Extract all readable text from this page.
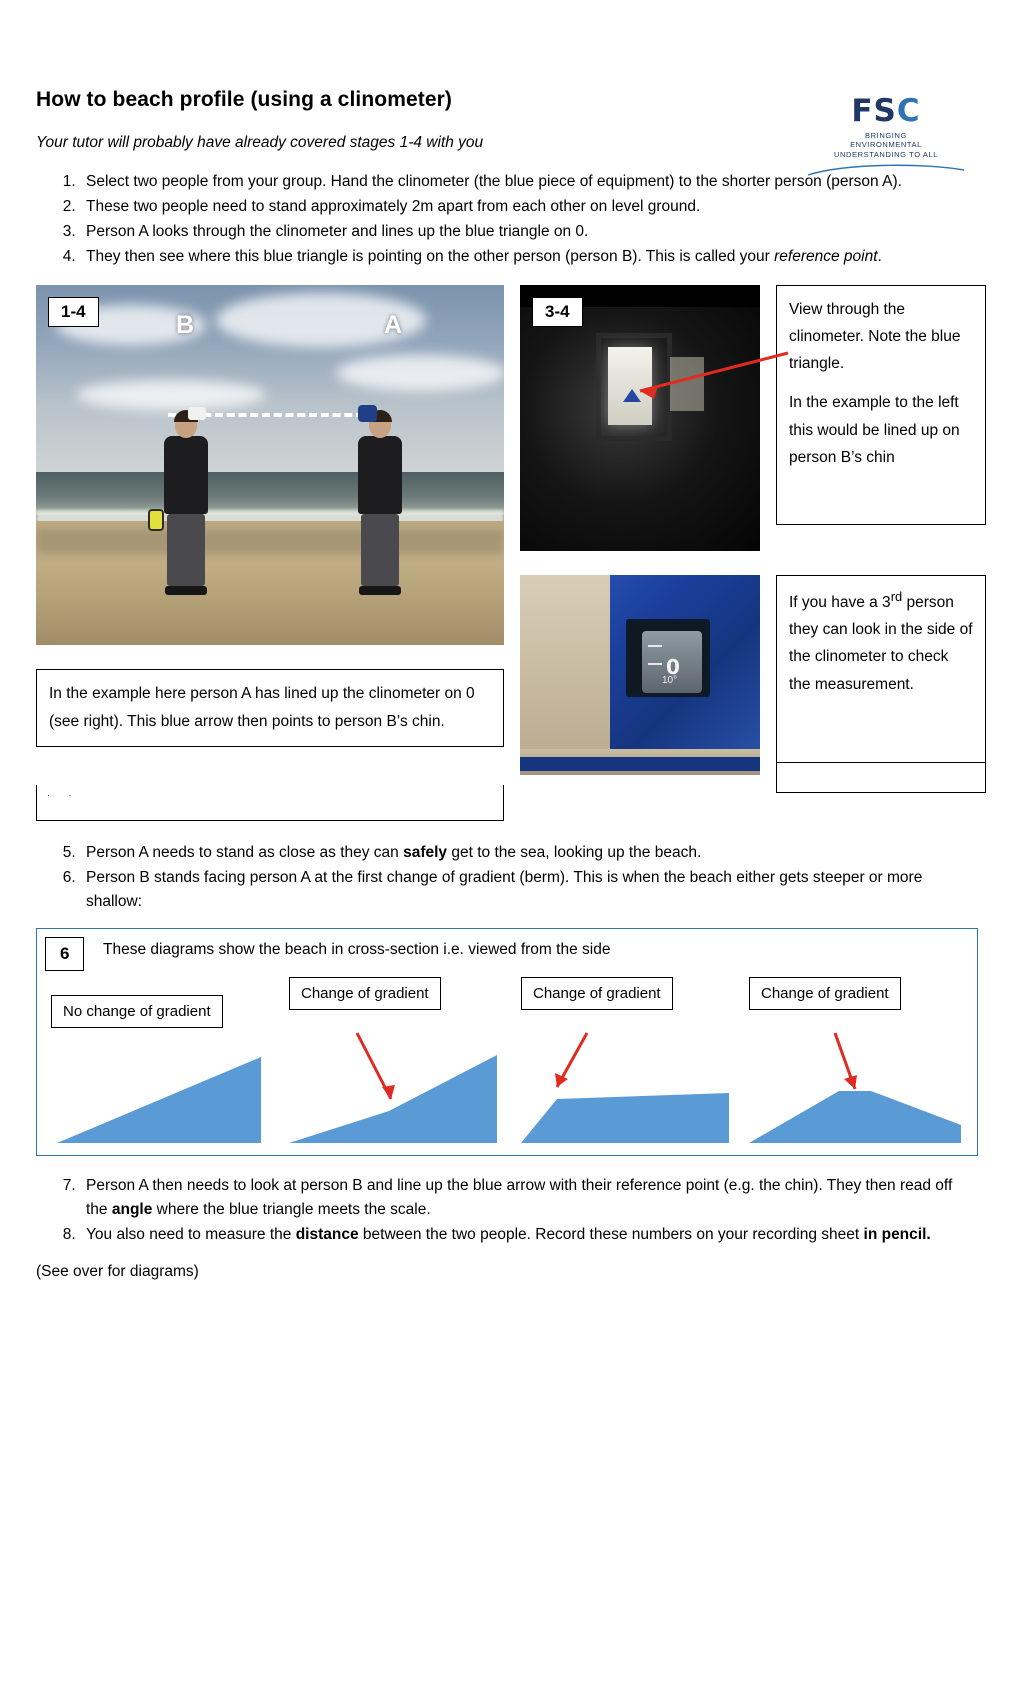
FSC
BRINGING
ENVIRONMENTAL
UNDERSTANDING TO ALL
How to beach profile (using a clinometer)

Your tutor will probably have already covered stages 1-4 with you

1. Select two people from your group. Hand the clinometer (the blue piece of equipment) to the shorter person (person A).
2. These two people need to stand approximately 2m apart from each other on level ground.
3. Person A looks through the clinometer and lines up the blue triangle on 0.
4. They then see where this blue triangle is pointing on the other person (person B). This is called your reference point.
B	A
1-4	3-4	View through the clinometer. Note the blue triangle.

In the example to the left this would be lined up on person B’s chin

0
10°

If you have a 3rd person they can look in the side of the clinometer to check the measurement.

In the example here person A has lined up the clinometer on 0 (see right). This blue arrow then points to person B’s chin.
.      .
5. Person A needs to stand as close as they can safely get to the sea, looking up the beach.
6. Person B stands facing person A at the first change of gradient (berm). This is when the beach either gets steeper or more shallow:
6	These diagrams show the beach in cross-section i.e. viewed from the side
No change of gradient
Change of gradient	Change of gradient	Change of gradient
7. Person A then needs to look at person B and line up the blue arrow with their reference point (e.g. the chin). They then read off the angle where the blue triangle meets the scale.
8. You also need to measure the distance between the two people. Record these numbers on your recording sheet in pencil.

(See over for diagrams)
